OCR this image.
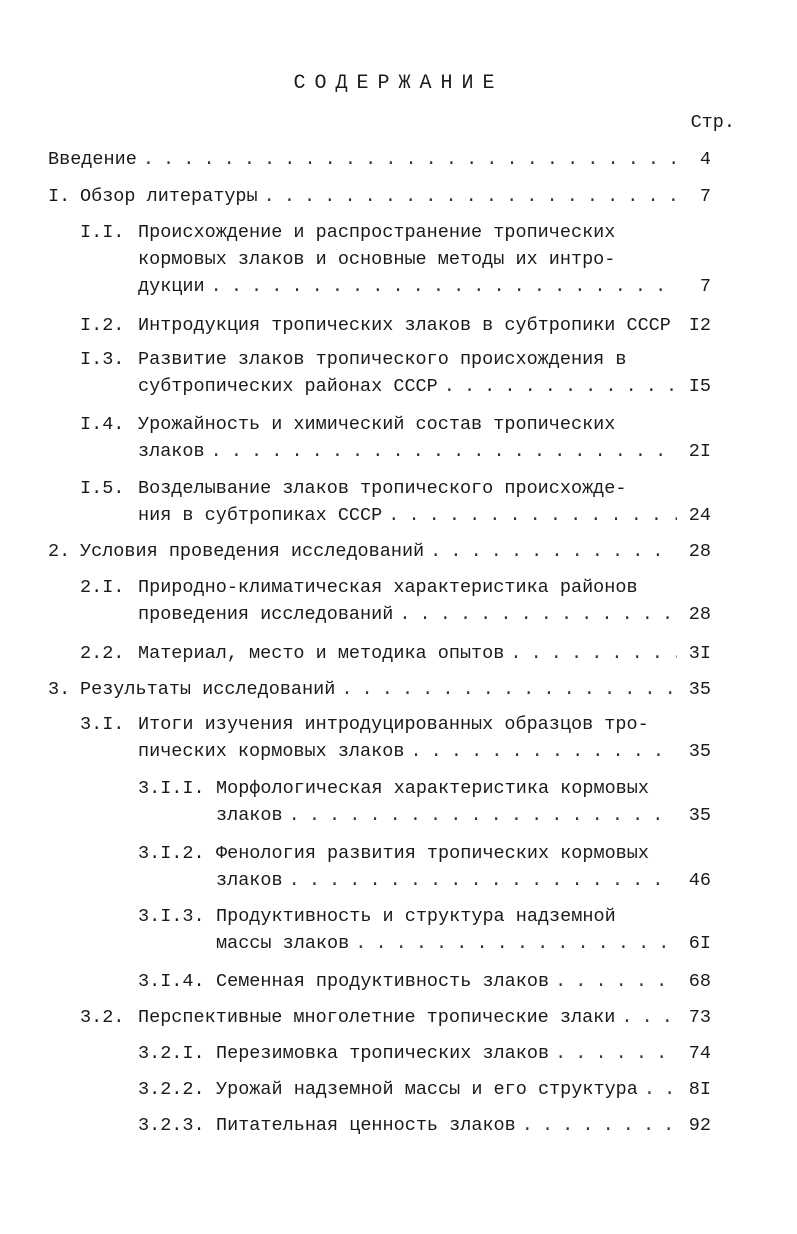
СОДЕРЖАНИЕ
Стр.
Введение . . .	4
I. Обзор литературы . . .	7
I.I. Происхождение и распространение тропических
кормовых злаков и основные методы их интро-
дукции . . .	7
I.2. Интродукция тропических злаков в субтропики СССР . . . I2
I.3. Развитие злаков тропического происхождения в
субтропических районах СССР . . .	I5
I.4. Урожайность и химический состав тропических
злаков . . .	2I
I.5. Возделывание злаков тропического происхожде-
ния в субтропиках СССР . . .	24
2. Условия проведения исследований . . .	28
2.I. Природно-климатическая характеристика районов
проведения исследований . . .	28
2.2. Материал, место и методика опытов . . .	3I
3. Результаты исследований . . .	35
3.I. Итоги изучения интродуцированных образцов тро-
пических кормовых злаков . . .	35
3.I.I. Морфологическая характеристика кормовых
злаков . . .	35
3.I.2. Фенология развития тропических кормовых
злаков . . .	46
3.I.3. Продуктивность и структура надземной
массы злаков . . .	6I
3.I.4. Семенная продуктивность злаков . . .	68
3.2. Перспективные многолетние тропические злаки . . .	73
3.2.I. Перезимовка тропических злаков . . .	74
3.2.2. Урожай надземной массы и его структура . . .	8I
3.2.3. Питательная ценность злаков . . .	92
